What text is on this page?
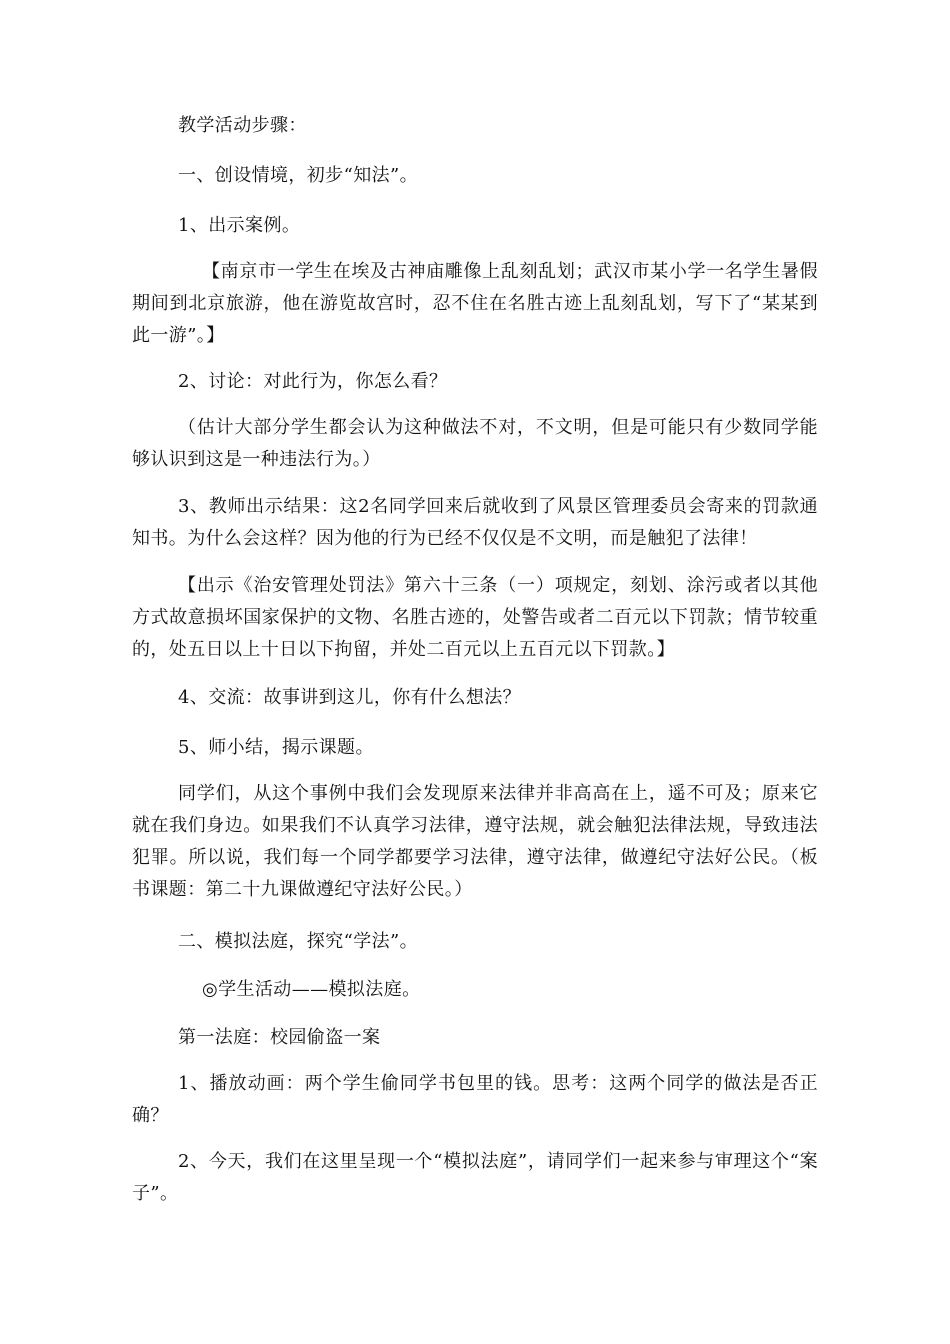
教学活动步骤：

一、创设情境，初步“知法”。

1、出示案例。

【南京市一学生在埃及古神庙雕像上乱刻乱划；武汉市某小学一名学生暑假期间到北京旅游，他在游览故宫时，忍不住在名胜古迹上乱刻乱划，写下了“某某到此一游”。】

2、讨论：对此行为，你怎么看？

（估计大部分学生都会认为这种做法不对，不文明，但是可能只有少数同学能够认识到这是一种违法行为。）

3、教师出示结果：这2名同学回来后就收到了风景区管理委员会寄来的罚款通知书。为什么会这样？因为他的行为已经不仅仅是不文明，而是触犯了法律！

【出示《治安管理处罚法》第六十三条（一）项规定，刻划、涂污或者以其他方式故意损坏国家保护的文物、名胜古迹的，处警告或者二百元以下罚款；情节较重的，处五日以上十日以下拘留，并处二百元以上五百元以下罚款。】

4、交流：故事讲到这儿，你有什么想法？

5、师小结，揭示课题。

同学们，从这个事例中我们会发现原来法律并非高高在上，遥不可及；原来它就在我们身边。如果我们不认真学习法律，遵守法规，就会触犯法律法规，导致违法犯罪。所以说，我们每一个同学都要学习法律，遵守法律，做遵纪守法好公民。（板书课题：第二十九课做遵纪守法好公民。）

二、模拟法庭，探究“学法”。

◎学生活动——模拟法庭。

第一法庭：校园偷盗一案

1、播放动画：两个学生偷同学书包里的钱。思考：这两个同学的做法是否正确？

2、今天，我们在这里呈现一个“模拟法庭”，请同学们一起来参与审理这个“案子”。
